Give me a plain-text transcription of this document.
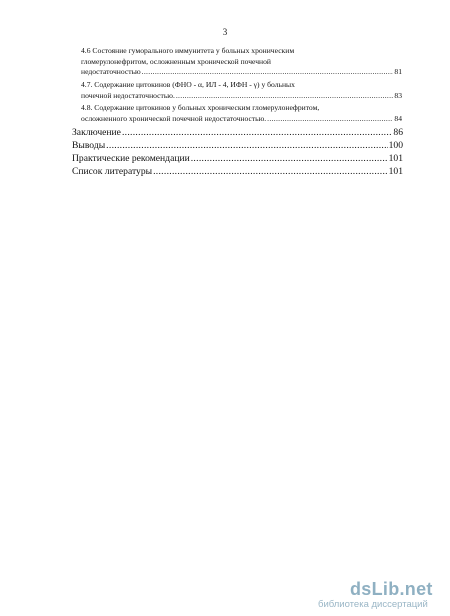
3
4.6 Состояние гуморального иммунитета у больных хроническим
гломерулонефритом, осложненным хронической почечной
недостаточностью .....	81
4.7. Содержание цитокинов (ФНО - α, ИЛ - 4, ИФН - γ) у больных
почечной недостаточностью. .....	83
4.8. Содержание цитокинов у больных хроническим гломерулонефритом,
осложненного хронической почечной недостаточностью. .....	84
Заключение .....	86
Выводы .....	100
Практические рекомендации .....	101
Список литературы .....	101
dsLib.net
библиотека диссертаций
